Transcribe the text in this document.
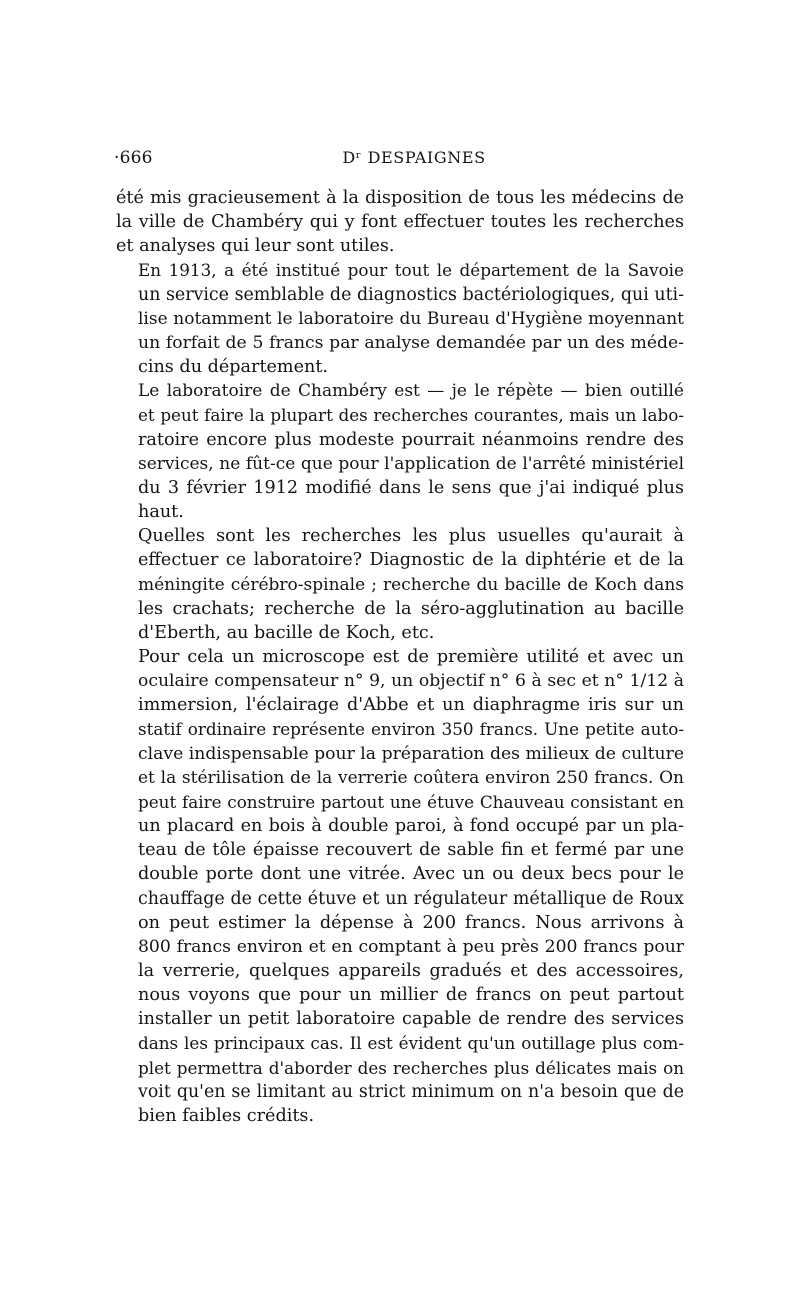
·666	Dʳ DESPAIGNES

été mis gracieusement à la disposition de tous les médecins de
la ville de Chambéry qui y font effectuer toutes les recherches
et analyses qui leur sont utiles.

En 1913, a été institué pour tout le département de la Savoie
un service semblable de diagnostics bactériologiques, qui uti-
lise notamment le laboratoire du Bureau d'Hygiène moyennant
un forfait de 5 francs par analyse demandée par un des méde-
cins du département.

Le laboratoire de Chambéry est — je le répète — bien outillé
et peut faire la plupart des recherches courantes, mais un labo-
ratoire encore plus modeste pourrait néanmoins rendre des
services, ne fût-ce que pour l'application de l'arrêté ministériel
du 3 février 1912 modifié dans le sens que j'ai indiqué plus
haut.

Quelles sont les recherches les plus usuelles qu'aurait à
effectuer ce laboratoire? Diagnostic de la diphtérie et de la
méningite cérébro-spinale ; recherche du bacille de Koch dans
les crachats; recherche de la séro-agglutination au bacille
d'Eberth, au bacille de Koch, etc.

Pour cela un microscope est de première utilité et avec un
oculaire compensateur n° 9, un objectif n° 6 à sec et n° 1/12 à
immersion, l'éclairage d'Abbe et un diaphragme iris sur un
statif ordinaire représente environ 350 francs. Une petite auto-
clave indispensable pour la préparation des milieux de culture
et la stérilisation de la verrerie coûtera environ 250 francs. On
peut faire construire partout une étuve Chauveau consistant en
un placard en bois à double paroi, à fond occupé par un pla-
teau de tôle épaisse recouvert de sable fin et fermé par une
double porte dont une vitrée. Avec un ou deux becs pour le
chauffage de cette étuve et un régulateur métallique de Roux
on peut estimer la dépense à 200 francs. Nous arrivons à
800 francs environ et en comptant à peu près 200 francs pour
la verrerie, quelques appareils gradués et des accessoires,
nous voyons que pour un millier de francs on peut partout
installer un petit laboratoire capable de rendre des services
dans les principaux cas. Il est évident qu'un outillage plus com-
plet permettra d'aborder des recherches plus délicates mais on
voit qu'en se limitant au strict minimum on n'a besoin que de
bien faibles crédits.
